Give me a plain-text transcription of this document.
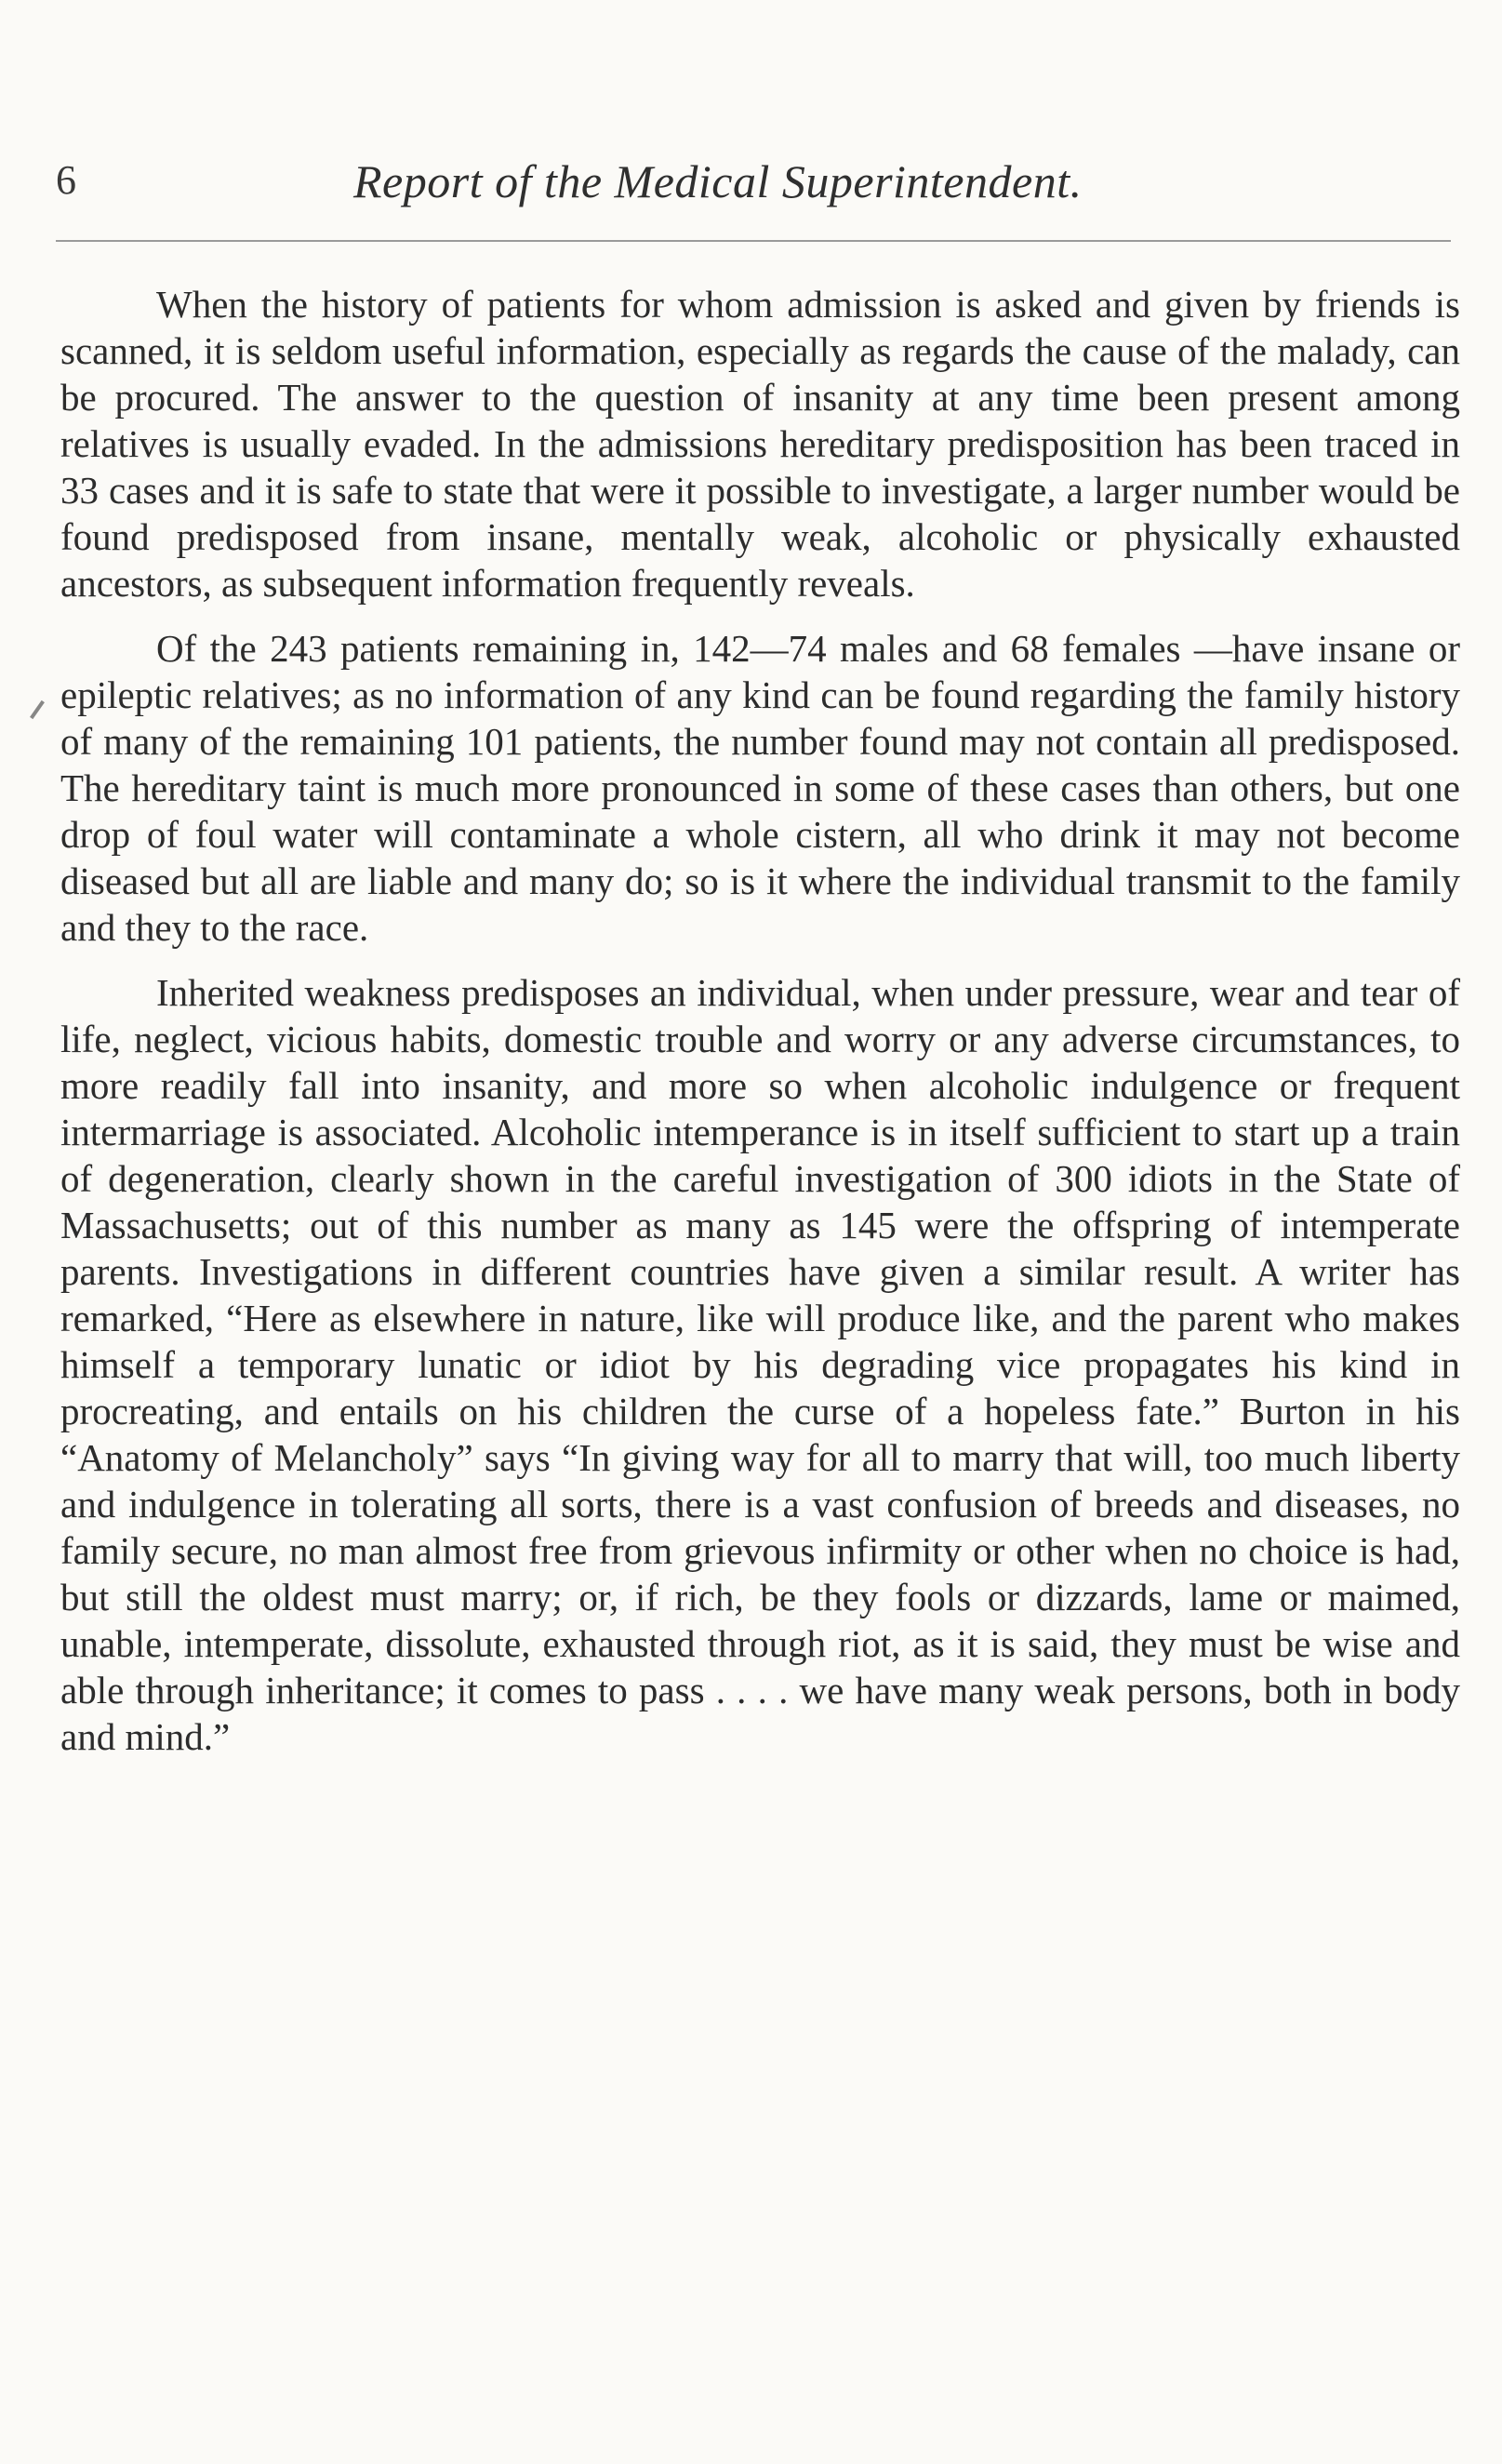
6	Report of the Medical Superintendent.

When the history of patients for whom admission is asked and given by friends is scanned, it is seldom useful information, especially as regards the cause of the malady, can be procured. The answer to the question of insanity at any time been present among relatives is usually evaded. In the admissions hereditary predisposition has been traced in 33 cases and it is safe to state that were it possible to investigate, a larger number would be found predisposed from insane, mentally weak, alcoholic or physically exhausted ancestors, as subsequent information frequently reveals.

Of the 243 patients remaining in, 142—74 males and 68 females —have insane or epileptic relatives; as no information of any kind can be found regarding the family history of many of the remaining 101 patients, the number found may not contain all predisposed. The hereditary taint is much more pronounced in some of these cases than others, but one drop of foul water will contaminate a whole cistern, all who drink it may not become diseased but all are liable and many do; so is it where the individual transmit to the family and they to the race.

Inherited weakness predisposes an individual, when under pressure, wear and tear of life, neglect, vicious habits, domestic trouble and worry or any adverse circumstances, to more readily fall into insanity, and more so when alcoholic indulgence or frequent intermarriage is associated. Alcoholic intemperance is in itself sufficient to start up a train of degeneration, clearly shown in the careful investigation of 300 idiots in the State of Massachusetts; out of this number as many as 145 were the offspring of intemperate parents. Investigations in different countries have given a similar result. A writer has remarked, “Here as elsewhere in nature, like will produce like, and the parent who makes himself a temporary lunatic or idiot by his degrading vice propagates his kind in procreating, and entails on his children the curse of a hopeless fate.” Burton in his “Anatomy of Melancholy” says “In giving way for all to marry that will, too much liberty and indulgence in tolerating all sorts, there is a vast confusion of breeds and diseases, no family secure, no man almost free from grievous infirmity or other when no choice is had, but still the oldest must marry; or, if rich, be they fools or dizzards, lame or maimed, unable, intemperate, dissolute, exhausted through riot, as it is said, they must be wise and able through inheritance; it comes to pass . . . . we have many weak persons, both in body and mind.”
